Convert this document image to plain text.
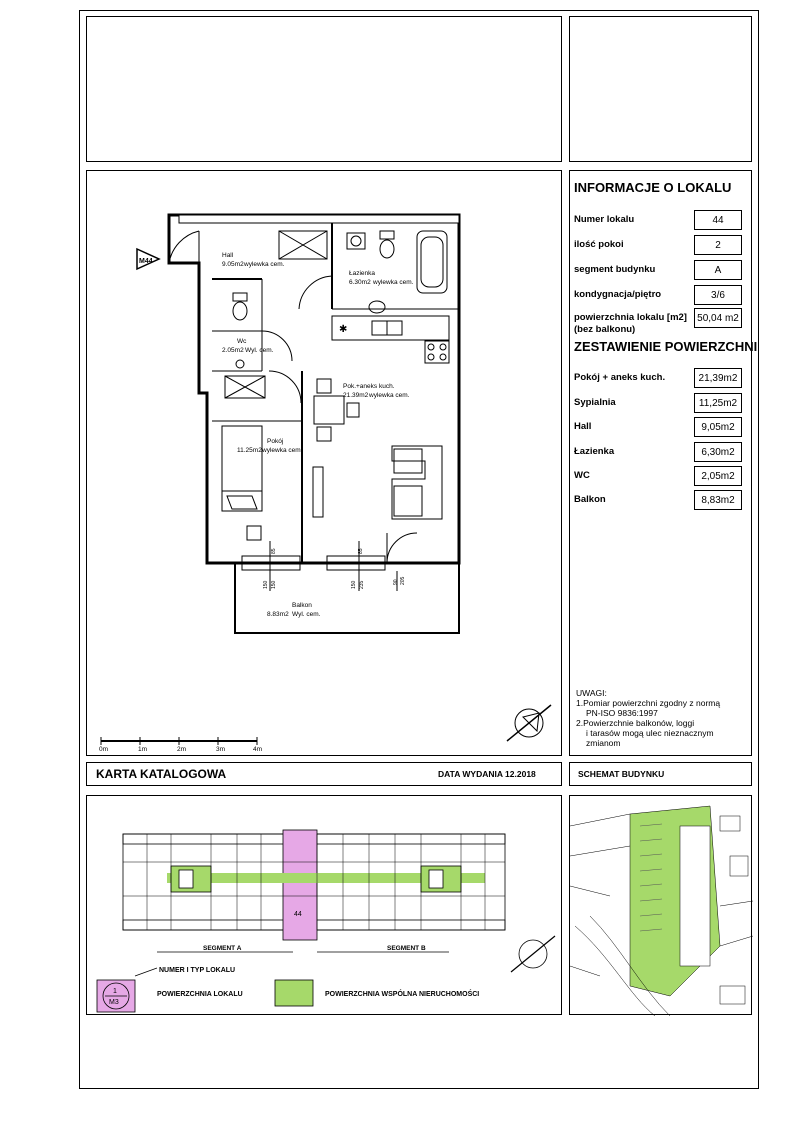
✱
M44
Hall
9.05m2 wylewka cem.
Łazienka
6.30m2 wylewka cem.
Wc
2.05m2 Wyl. cem.
Pok.+aneks kuch.
21.39m2 wylewka cem.
Pokój
11.25m2 wylewka cem.
Balkon
8.83m2 Wyl. cem.
85
150 150
85
150 235	90 205
0m	1m	2m	3m	4m
INFORMACJE O LOKALU
Numer lokalu	44
ilość pokoi	2
segment budynku	A
kondygnacja/piętro	3/6
powierzchnia lokalu [m2]
(bez balkonu)
50,04 m2
ZESTAWIENIE POWIERZCHNI
Pokój + aneks kuch.	21,39m2
Sypialnia	11,25m2
Hall	9,05m2
Łazienka	6,30m2
WC	2,05m2
Balkon	8,83m2
UWAGI:
1.Pomiar powierzchni zgodny z normą
PN-ISO 9836:1997
2.Powierzchnie balkonów, loggi
i tarasów mogą ulec nieznacznym
zmianom
KARTA KATALOGOWA	DATA WYDANIA 12.2018	SCHEMAT BUDYNKU
44
SEGMENT A	SEGMENT B
NUMER I TYP LOKALU
1
M3
POWIERZCHNIA LOKALU	POWIERZCHNIA WSPÓLNA NIERUCHOMOŚCI
